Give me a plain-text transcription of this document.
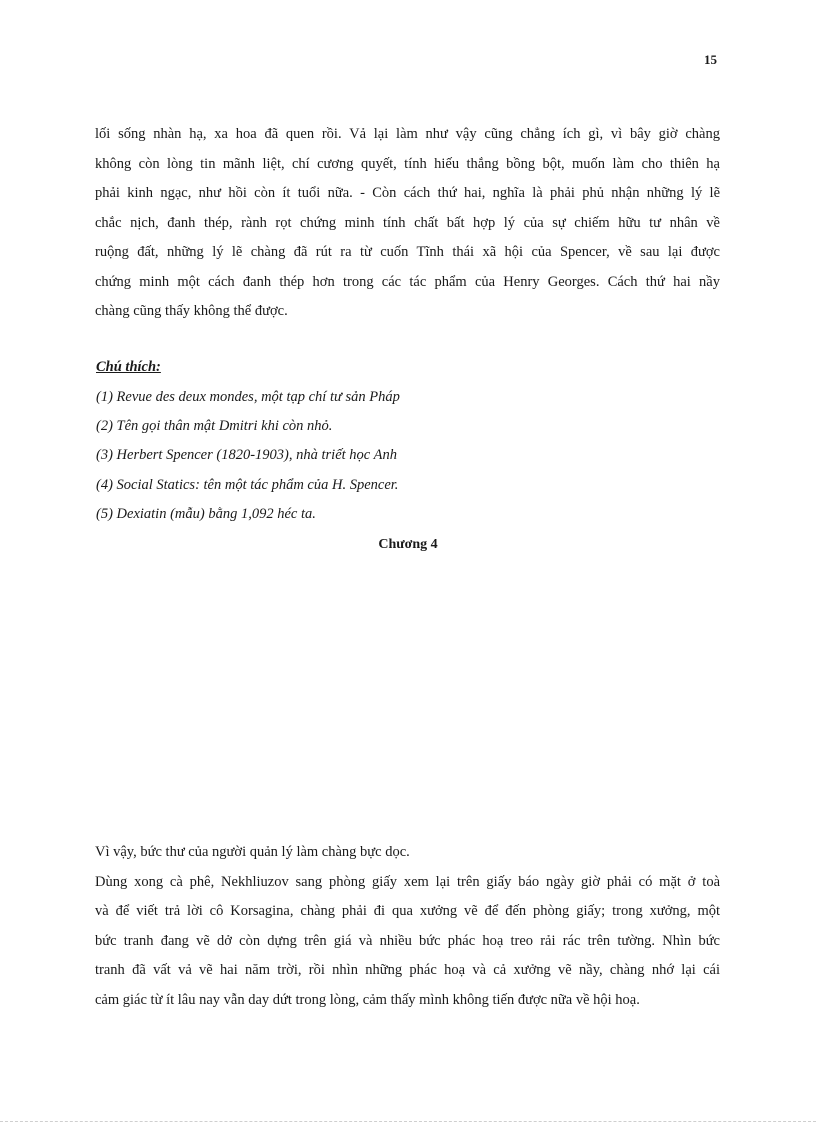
15
lối sống nhàn hạ, xa hoa đã quen rồi. Vả lại làm như vậy cũng chẳng ích gì, vì bây giờ chàng
không còn lòng tin mãnh liệt, chí cương quyết, tính hiếu thắng bồng bột, muốn làm cho thiên hạ
phải kinh ngạc, như hồi còn ít tuổi nữa. - Còn cách thứ hai, nghĩa là phải phủ nhận những lý lẽ
chắc nịch, đanh thép, rành rọt chứng minh tính chất bất hợp lý của sự chiếm hữu tư nhân về
ruộng đất, những lý lẽ chàng đã rút ra từ cuốn Tĩnh thái xã hội của Spencer, về sau lại được
chứng minh một cách đanh thép hơn trong các tác phẩm của Henry Georges. Cách thứ hai nầy
chàng cũng thấy không thể được.
Chú thích:
(1) Revue des deux mondes, một tạp chí tư sản Pháp
(2) Tên gọi thân mật Dmitri khi còn nhỏ.
(3) Herbert Spencer (1820-1903), nhà triết học Anh
(4) Social Statics: tên một tác phẩm của H. Spencer.
(5) Dexiatin (mẫu) bằng 1,092 héc ta.
Chương 4
Vì vậy, bức thư của người quản lý làm chàng bực dọc.
Dùng xong cà phê, Nekhliuzov sang phòng giấy xem lại trên giấy báo ngày giờ phải có mặt ở toà
và để viết trả lời cô Korsagina, chàng phải đi qua xưởng vẽ để đến phòng giấy; trong xưởng, một
bức tranh đang vẽ dở còn dựng trên giá và nhiều bức phác hoạ treo rải rác trên tường. Nhìn bức
tranh đã vất vả vẽ hai năm trời, rồi nhìn những phác hoạ và cả xưởng vẽ nầy, chàng nhớ lại cái
cảm giác từ ít lâu nay vẫn day dứt trong lòng, cảm thấy mình không tiến được nữa về hội hoạ.
